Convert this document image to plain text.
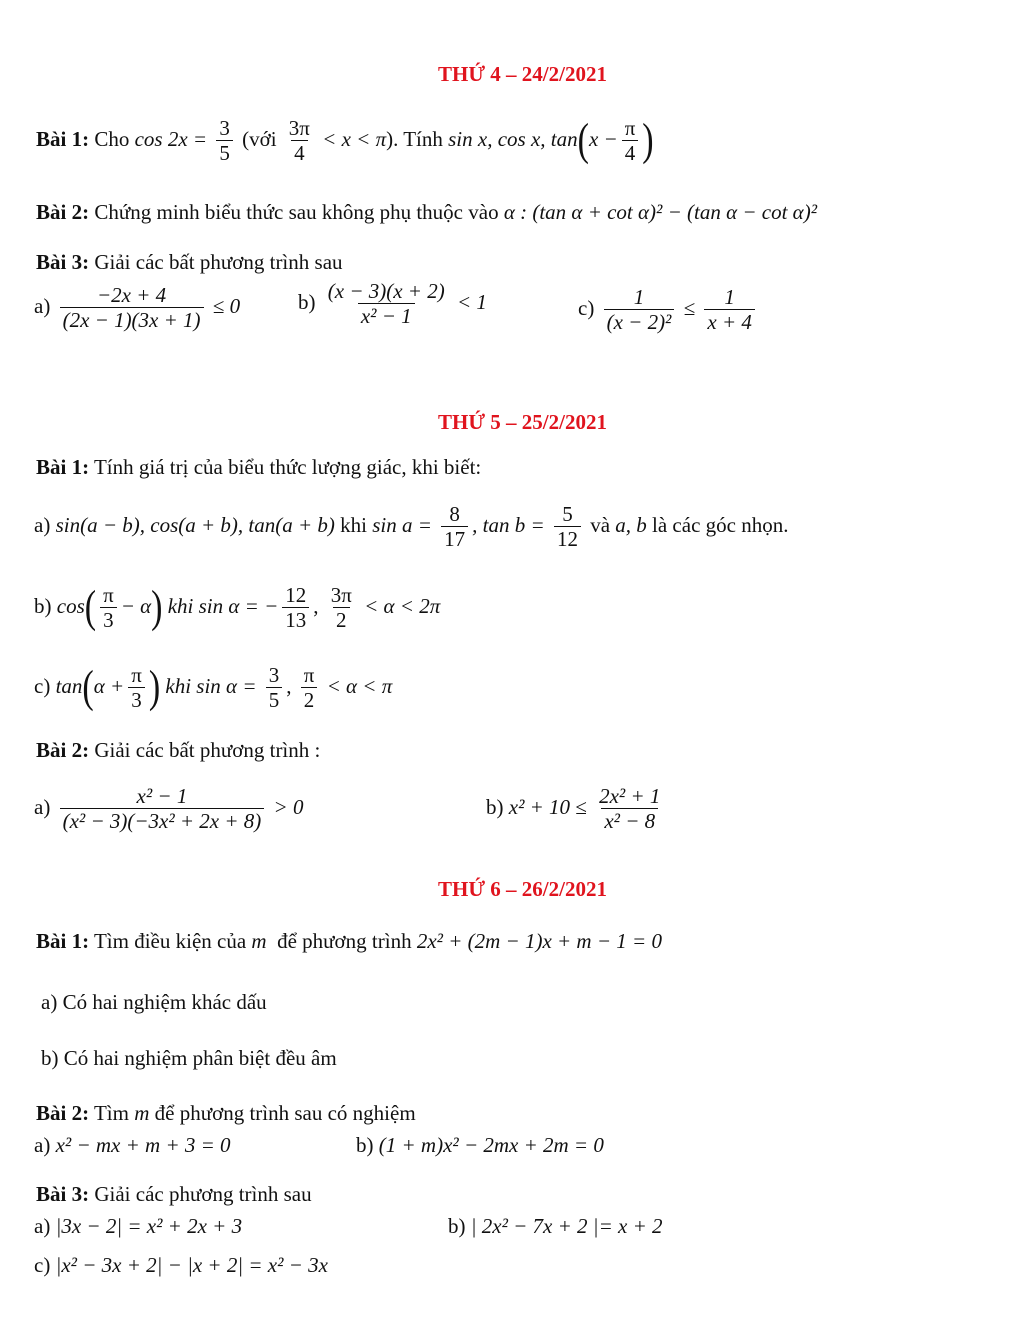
THỨ 4 – 24/2/2021
Bài 1: Cho $\cos 2x = \frac{3}{5}$ (với $\frac{3\pi}{4} < x < \pi$). Tính sin x, cos x, $\tan(x - \frac{\pi}{4}$ )
Bài 2: Chứng minh biểu thức sau không phụ thuộc vào α : (tan α + cot α)² − (tan α − cot α)²
Bài 3: Giải các bất phương trình sau
$a) \frac{-2x + 4}{(2x - 1)(3x + 1)} \le 0$	$b) \frac{(x - 3)(x + 2)}{\text{x² − 1}} < 1$	$c) \frac{1}{\text{(x − 2)²}} \le \frac{1}{x + 4}$
THỨ 5 – 25/2/2021
Bài 1: Tính giá trị của biểu thức lượng giác, khi biết:
a) sin(a − b), cos(a + b), tan(a + b) khi $\sin a = \frac{8}{17}$ , $\tan b = \frac{5}{12}$ và a, b là các góc nhọn.
b) $\cos( \frac{\pi}{3} - \alpha)$ khi sin α = − $\frac{12}{13}$ , $\frac{3\pi}{2} < \alpha < 2\pi$
c) $\tan(\alpha + \frac{\pi}{3}$ ) khi $\sin \alpha = \frac{3}{5}$ , $\frac{\pi}{2} < \alpha < \pi$
Bài 2: Giải các bất phương trình :
$a) \frac{\text{x² − 1}}{\text{(x² − 3)(−3x² + 2x + 8)}} > 0$	b) $x^2 + 10 \le \frac{\text{2x² + 1}}{\text{x² − 8}}$
THỨ 6 – 26/2/2021
Bài 1: Tìm điều kiện của m để phương trình 2x² + (2m − 1)x + m − 1 = 0
a) Có hai nghiệm khác dấu
b) Có hai nghiệm phân biệt đều âm
Bài 2: Tìm m để phương trình sau có nghiệm
a) x² − mx + m + 3 = 0	b) (1 + m)x² − 2mx + 2m = 0
Bài 3: Giải các phương trình sau
a) |3x − 2| = x² + 2x + 3	b) | 2x² − 7x + 2 |= x + 2
c) |x² − 3x + 2| − |x + 2| = x² − 3x
